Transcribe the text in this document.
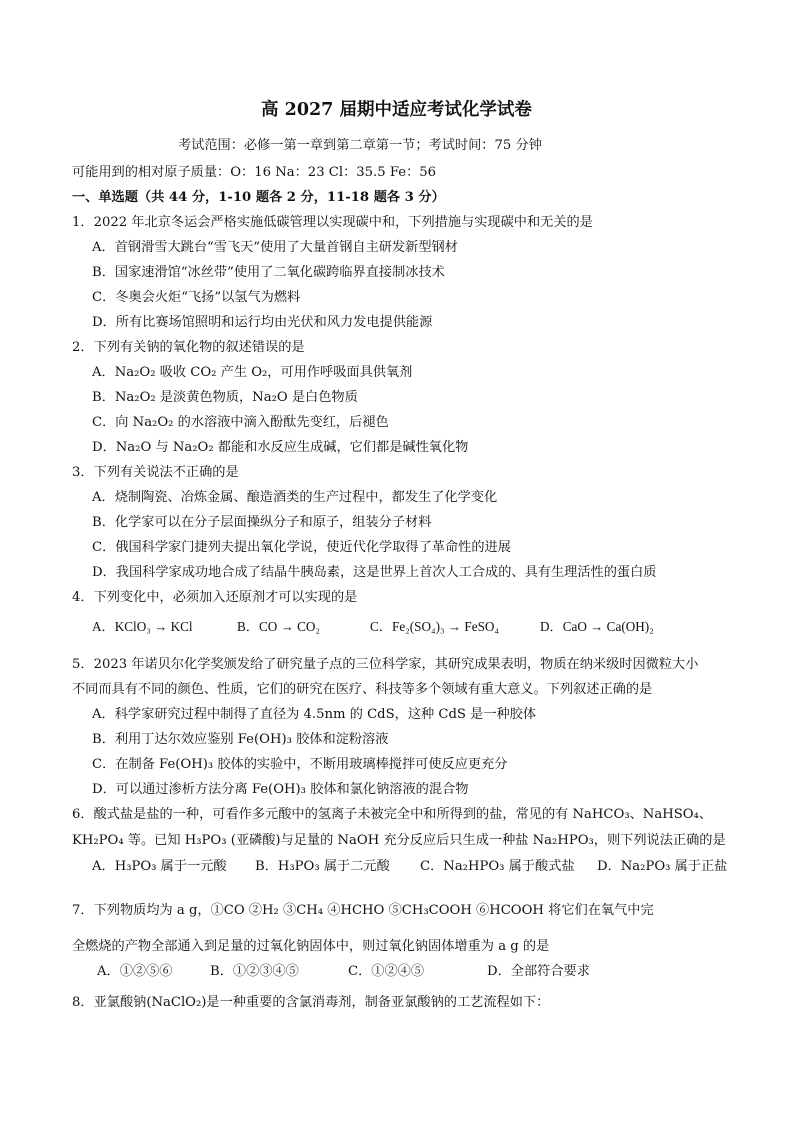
高 2027 届期中适应考试化学试卷
考试范围：必修一第一章到第二章第一节；考试时间：75 分钟
可能用到的相对原子质量：O：16 Na：23 Cl：35.5 Fe：56
一、单选题（共 44 分，1-10 题各 2 分，11-18 题各 3 分）
1．2022 年北京冬运会严格实施低碳管理以实现碳中和，下列措施与实现碳中和无关的是
A．首钢滑雪大跳台“雪飞天”使用了大量首钢自主研发新型钢材
B．国家速滑馆“冰丝带”使用了二氧化碳跨临界直接制冰技术
C．冬奥会火炬“飞扬”以氢气为燃料
D．所有比赛场馆照明和运行均由光伏和风力发电提供能源
2．下列有关钠的氧化物的叙述错误的是
A．Na₂O₂ 吸收 CO₂ 产生 O₂，可用作呼吸面具供氧剂
B．Na₂O₂ 是淡黄色物质，Na₂O 是白色物质
C．向 Na₂O₂ 的水溶液中滴入酚酞先变红，后褪色
D．Na₂O 与 Na₂O₂ 都能和水反应生成碱，它们都是碱性氧化物
3．下列有关说法不正确的是
A．烧制陶瓷、冶炼金属、酿造酒类的生产过程中，都发生了化学变化
B．化学家可以在分子层面操纵分子和原子，组装分子材料
C．俄国科学家门捷列夫提出氧化学说，使近代化学取得了革命性的进展
D．我国科学家成功地合成了结晶牛胰岛素，这是世界上首次人工合成的、具有生理活性的蛋白质
4．下列变化中，必须加入还原剂才可以实现的是
A．KClO₃ → KCl	B．CO → CO₂	C．Fe₂(SO₄)₃ → FeSO₄	D．CaO → Ca(OH)₂
5．2023 年诺贝尔化学奖颁发给了研究量子点的三位科学家，其研究成果表明，物质在纳米级时因微粒大小
不同而具有不同的颜色、性质，它们的研究在医疗、科技等多个领域有重大意义。下列叙述正确的是
A．科学家研究过程中制得了直径为 4.5nm 的 CdS，这种 CdS 是一种胶体
B．利用丁达尔效应鉴别 Fe(OH)₃ 胶体和淀粉溶液
C．在制备 Fe(OH)₃ 胶体的实验中，不断用玻璃棒搅拌可使反应更充分
D．可以通过渗析方法分离 Fe(OH)₃ 胶体和氯化钠溶液的混合物
6．酸式盐是盐的一种，可看作多元酸中的氢离子未被完全中和所得到的盐，常见的有 NaHCO₃、NaHSO₄、
KH₂PO₄ 等。已知 H₃PO₃ (亚磷酸)与足量的 NaOH 充分反应后只生成一种盐 Na₂HPO₃，则下列说法正确的是
A．H₃PO₃ 属于一元酸 B．H₃PO₃ 属于二元酸 C．Na₂HPO₃ 属于酸式盐 D．Na₂PO₃ 属于正盐
7．下列物质均为 a g，①CO ②H₂ ③CH₄ ④HCHO ⑤CH₃COOH ⑥HCOOH 将它们在氧气中完
全燃烧的产物全部通入到足量的过氧化钠固体中，则过氧化钠固体增重为 a g 的是
A．①②⑤⑥	B．①②③④⑤	C．①②④⑤	D．全部符合要求
8．亚氯酸钠(NaClO₂)是一种重要的含氯消毒剂，制备亚氯酸钠的工艺流程如下：
